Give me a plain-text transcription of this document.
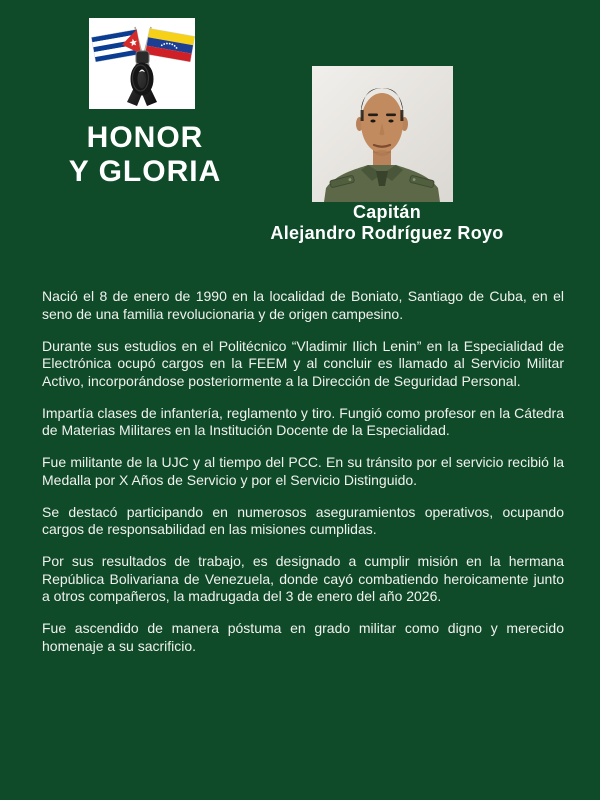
HONOR
Y GLORIA
Capitán
Alejandro Rodríguez Royo

Nació el 8 de enero de 1990 en la localidad de Boniato, Santiago de Cuba, en el seno de una familia revolucionaria y de origen campesino.

Durante sus estudios en el Politécnico “Vladimir Ilich Lenin” en la Especialidad de Electrónica ocupó cargos en la FEEM y al concluir es llamado al Servicio Militar Activo, incorporándose posteriormente a la Dirección de Seguridad Personal.

Impartía clases de infantería, reglamento y tiro. Fungió como profesor en la Cátedra de Materias Militares en la Institución Docente de la Especialidad.

Fue militante de la UJC y al tiempo del PCC. En su tránsito por el servicio recibió la Medalla por X Años de Servicio y por el Servicio Distinguido.

Se destacó participando en numerosos aseguramientos operativos, ocupando cargos de responsabilidad en las misiones cumplidas.

Por sus resultados de trabajo, es designado a cumplir misión en la hermana República Bolivariana de Venezuela, donde cayó combatiendo heroicamente junto a otros compañeros, la madrugada del 3 de enero del año 2026.

Fue ascendido de manera póstuma en grado militar como digno y merecido homenaje a su sacrificio.
